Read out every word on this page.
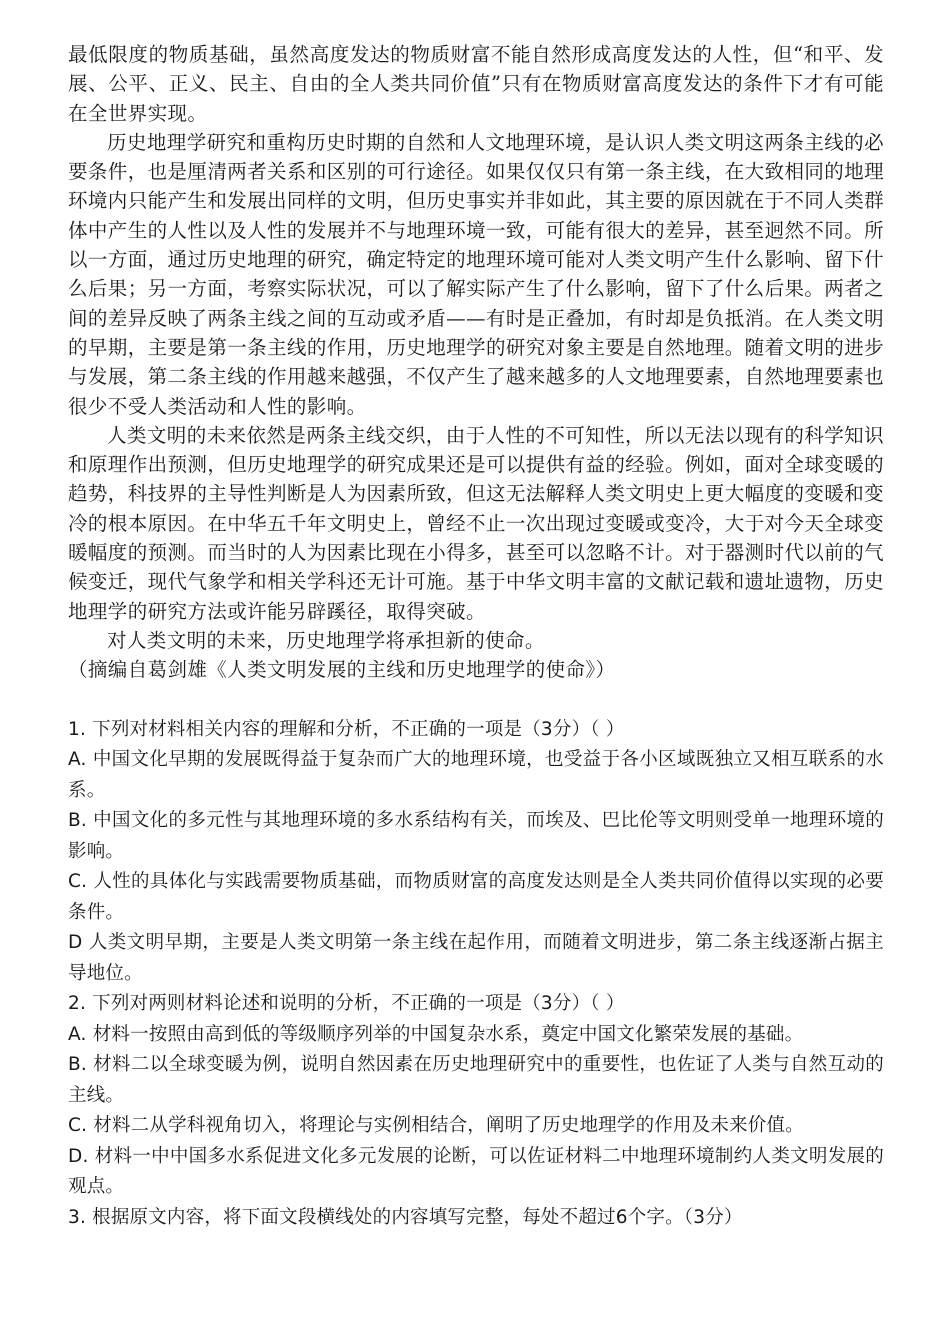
最低限度的物质基础，虽然高度发达的物质财富不能自然形成高度发达的人性，但“和平、发展、公平、正义、民主、自由的全人类共同价值”只有在物质财富高度发达的条件下才有可能在全世界实现。

历史地理学研究和重构历史时期的自然和人文地理环境，是认识人类文明这两条主线的必要条件，也是厘清两者关系和区别的可行途径。如果仅仅只有第一条主线，在大致相同的地理环境内只能产生和发展出同样的文明，但历史事实并非如此，其主要的原因就在于不同人类群体中产生的人性以及人性的发展并不与地理环境一致，可能有很大的差异，甚至迥然不同。所以一方面，通过历史地理的研究，确定特定的地理环境可能对人类文明产生什么影响、留下什么后果；另一方面，考察实际状况，可以了解实际产生了什么影响，留下了什么后果。两者之间的差异反映了两条主线之间的互动或矛盾——有时是正叠加，有时却是负抵消。在人类文明的早期，主要是第一条主线的作用，历史地理学的研究对象主要是自然地理。随着文明的进步与发展，第二条主线的作用越来越强，不仅产生了越来越多的人文地理要素，自然地理要素也很少不受人类活动和人性的影响。

人类文明的未来依然是两条主线交织，由于人性的不可知性，所以无法以现有的科学知识和原理作出预测，但历史地理学的研究成果还是可以提供有益的经验。例如，面对全球变暖的趋势，科技界的主导性判断是人为因素所致，但这无法解释人类文明史上更大幅度的变暖和变冷的根本原因。在中华五千年文明史上，曾经不止一次出现过变暖或变冷，大于对今天全球变暖幅度的预测。而当时的人为因素比现在小得多，甚至可以忽略不计。对于器测时代以前的气候变迁，现代气象学和相关学科还无计可施。基于中华文明丰富的文献记载和遗址遗物，历史地理学的研究方法或许能另辟蹊径，取得突破。

对人类文明的未来，历史地理学将承担新的使命。

（摘编自葛剑雄《人类文明发展的主线和历史地理学的使命》）

1. 下列对材料相关内容的理解和分析，不正确的一项是（3分）（ ）

A. 中国文化早期的发展既得益于复杂而广大的地理环境，也受益于各小区域既独立又相互联系的水系。

B. 中国文化的多元性与其地理环境的多水系结构有关，而埃及、巴比伦等文明则受单一地理环境的影响。

C. 人性的具体化与实践需要物质基础，而物质财富的高度发达则是全人类共同价值得以实现的必要条件。

D 人类文明早期，主要是人类文明第一条主线在起作用，而随着文明进步，第二条主线逐渐占据主导地位。

2. 下列对两则材料论述和说明的分析，不正确的一项是（3分）（ ）

A. 材料一按照由高到低的等级顺序列举的中国复杂水系，奠定中国文化繁荣发展的基础。

B. 材料二以全球变暖为例，说明自然因素在历史地理研究中的重要性，也佐证了人类与自然互动的主线。

C. 材料二从学科视角切入，将理论与实例相结合，阐明了历史地理学的作用及未来价值。

D. 材料一中中国多水系促进文化多元发展的论断，可以佐证材料二中地理环境制约人类文明发展的观点。

3. 根据原文内容，将下面文段横线处的内容填写完整，每处不超过6个字。（3分）
